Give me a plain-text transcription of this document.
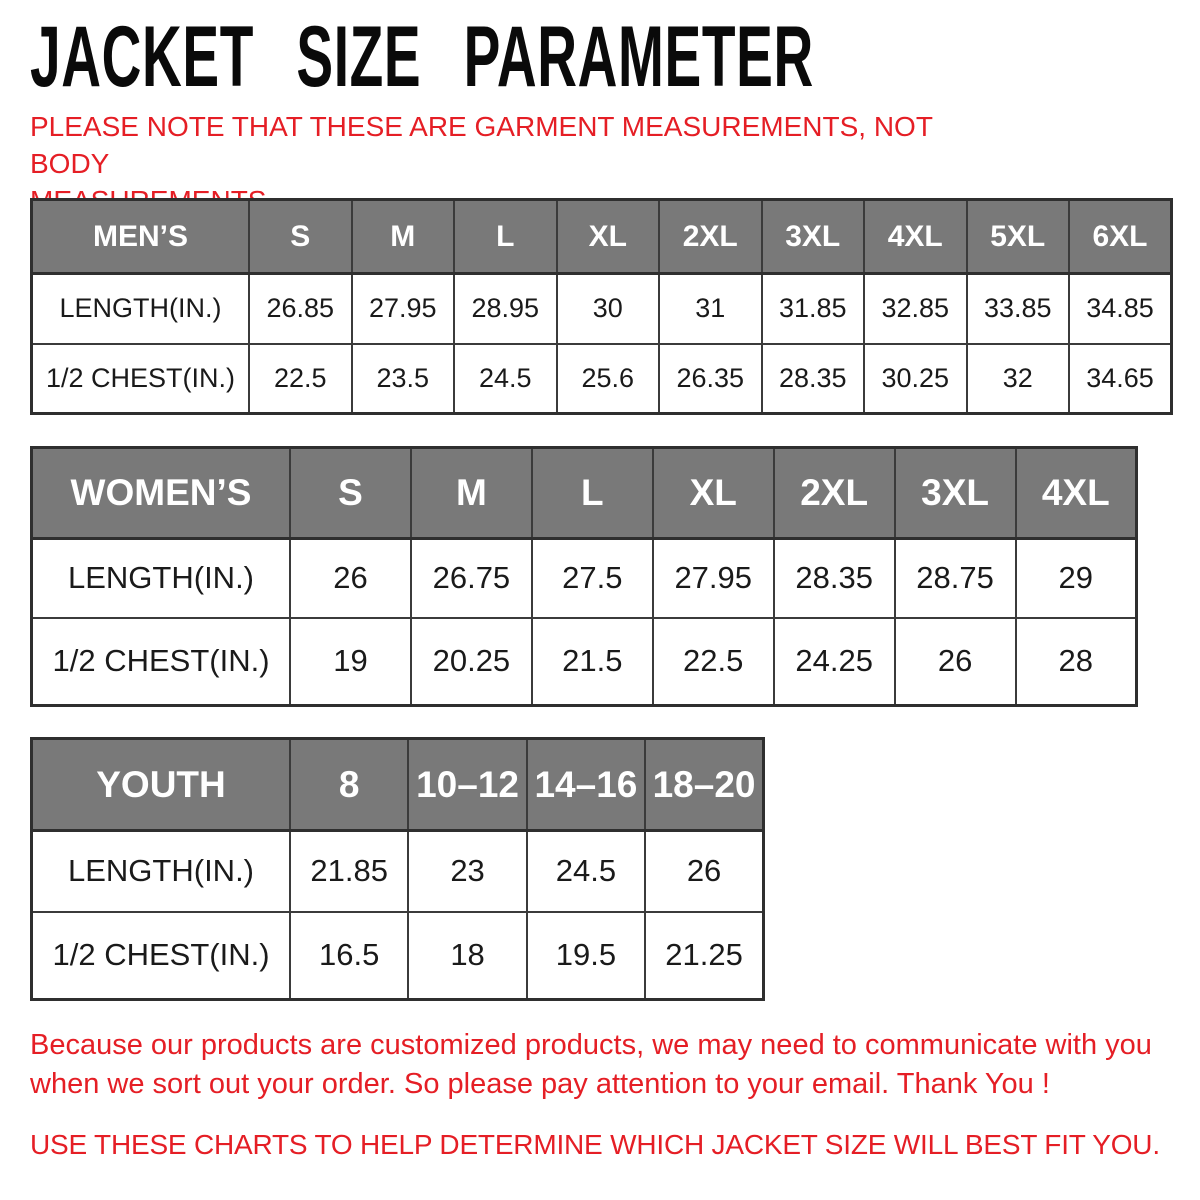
JACKET SIZE PARAMETER
PLEASE NOTE THAT THESE ARE GARMENT MEASUREMENTS, NOT BODY
MEN’S	S	M	L	XL	2XL	3XL	4XL	5XL	6XL
LENGTH(IN.)	26.85	27.95	28.95	30	31	31.85	32.85	33.85	34.85
1/2 CHEST(IN.)	22.5	23.5	24.5	25.6	26.35	28.35	30.25	32	34.65
WOMEN’S	S	M	L	XL	2XL	3XL	4XL
LENGTH(IN.)	26	26.75	27.5	27.95	28.35	28.75	29
1/2 CHEST(IN.)	19	20.25	21.5	22.5	24.25	26	28
YOUTH	8	10–12	14–16	18–20
LENGTH(IN.)	21.85	23	24.5	26
1/2 CHEST(IN.)	16.5	18	19.5	21.25
Because our products are customized products, we may need to communicate with you
when we sort out your order. So please pay attention to your email. Thank You !
USE THESE CHARTS TO HELP DETERMINE WHICH JACKET SIZE WILL BEST FIT YOU.
